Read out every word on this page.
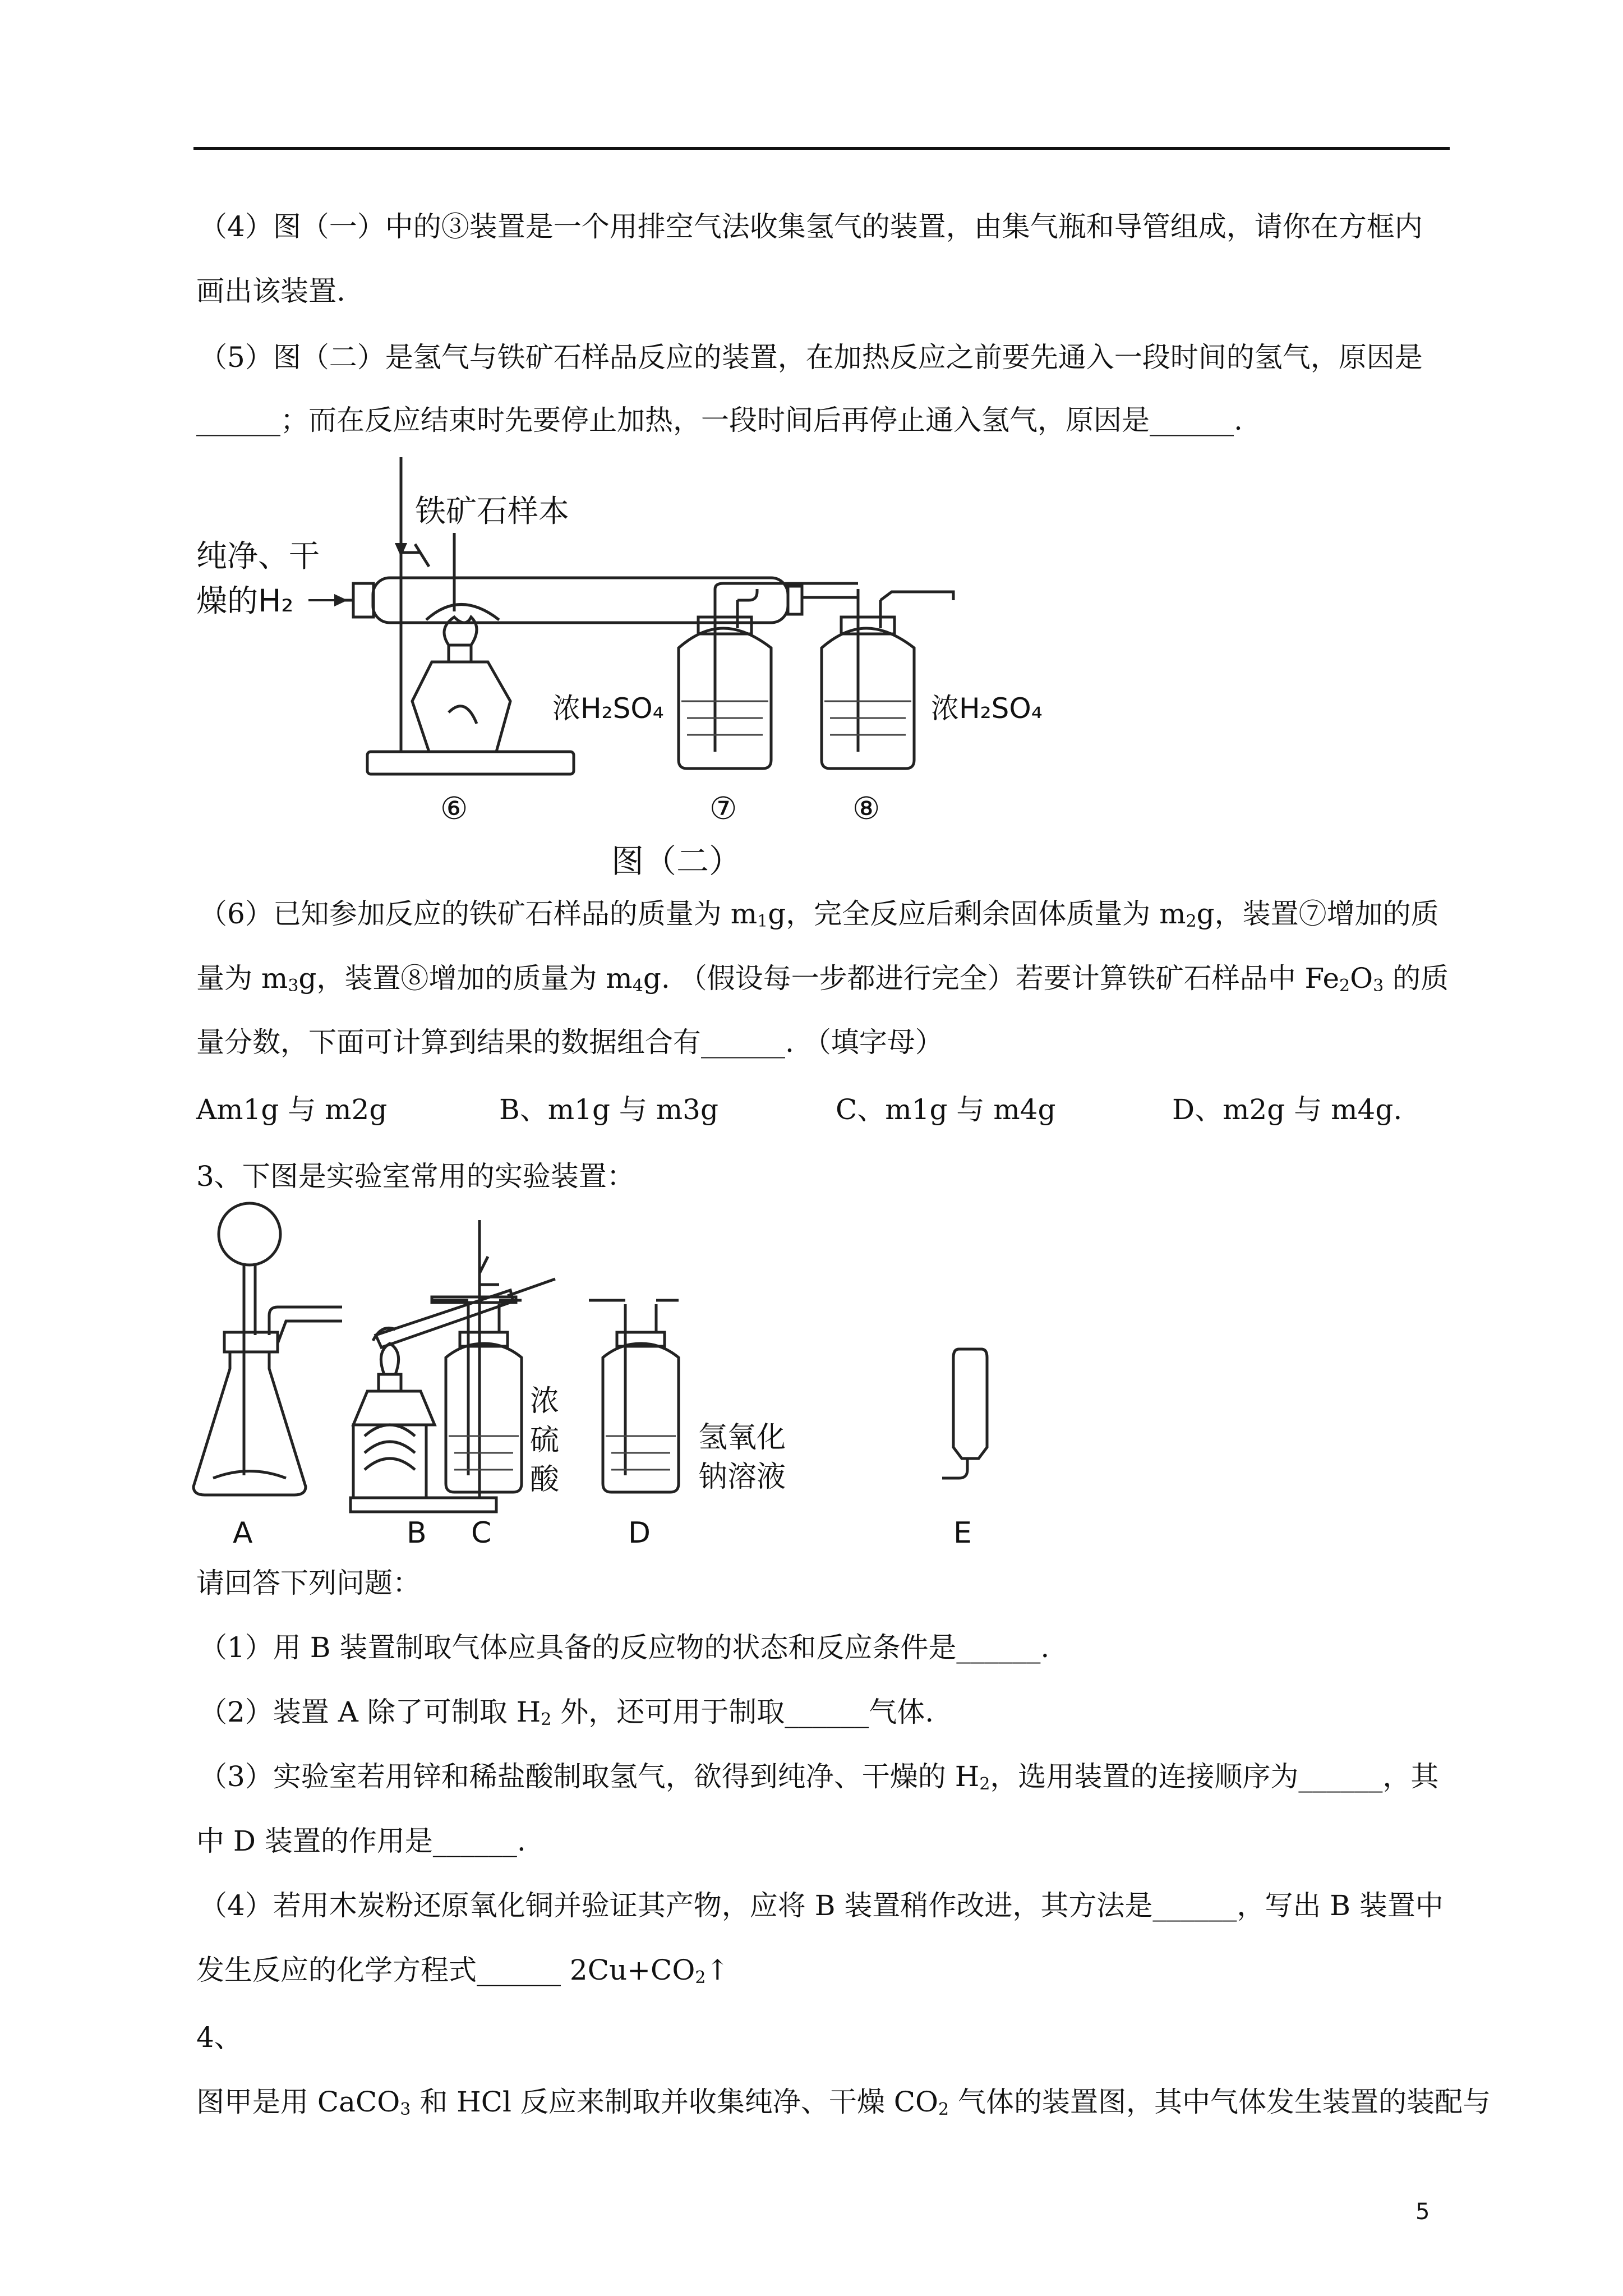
（4）图（一）中的③装置是一个用排空气法收集氢气的装置，由集气瓶和导管组成，请你在方框内
画出该装置.
（5）图（二）是氢气与铁矿石样品反应的装置，在加热反应之前要先通入一段时间的氢气，原因是
______；而在反应结束时先要停止加热，一段时间后再停止通入氢气，原因是______.
铁矿石样本
纯净、干
燥的H₂
浓H₂SO₄	浓H₂SO₄
⑥	⑦	⑧
图（二）
（6）已知参加反应的铁矿石样品的质量为 $m_1g$，完全反应后剩余固体质量为 $m_2g$，装置⑦增加的质
量为 $m_3g$，装置⑧增加的质量为 $m_4g$. （假设每一步都进行完全）若要计算铁矿石样品中 $Fe_2O_3$ 的质
量分数，下面可计算到结果的数据组合有______. （填字母）
Am1g 与 m2g	B、m1g 与 m3g	C、m1g 与 m4g	D、m2g 与 m4g.
3、下图是实验室常用的实验装置：
浓
硫
酸
氢氧化
钠溶液
A	B C	D	E
请回答下列问题：
（1）用 B 装置制取气体应具备的反应物的状态和反应条件是______.
（2）装置 A 除了可制取 $H_2$ 外，还可用于制取______气体.
（3）实验室若用锌和稀盐酸制取氢气，欲得到纯净、干燥的 $H_2$，选用装置的连接顺序为______，其
中 D 装置的作用是______.
（4）若用木炭粉还原氧化铜并验证其产物，应将 B 装置稍作改进，其方法是______，写出 B 装置中
发生反应的化学方程式______ $2Cu+CO_2↑$
4、
图甲是用 CaCO$_3$ 和 HCl 反应来制取并收集纯净、干燥 $CO_2$ 气体的装置图，其中气体发生装置的装配与
5
